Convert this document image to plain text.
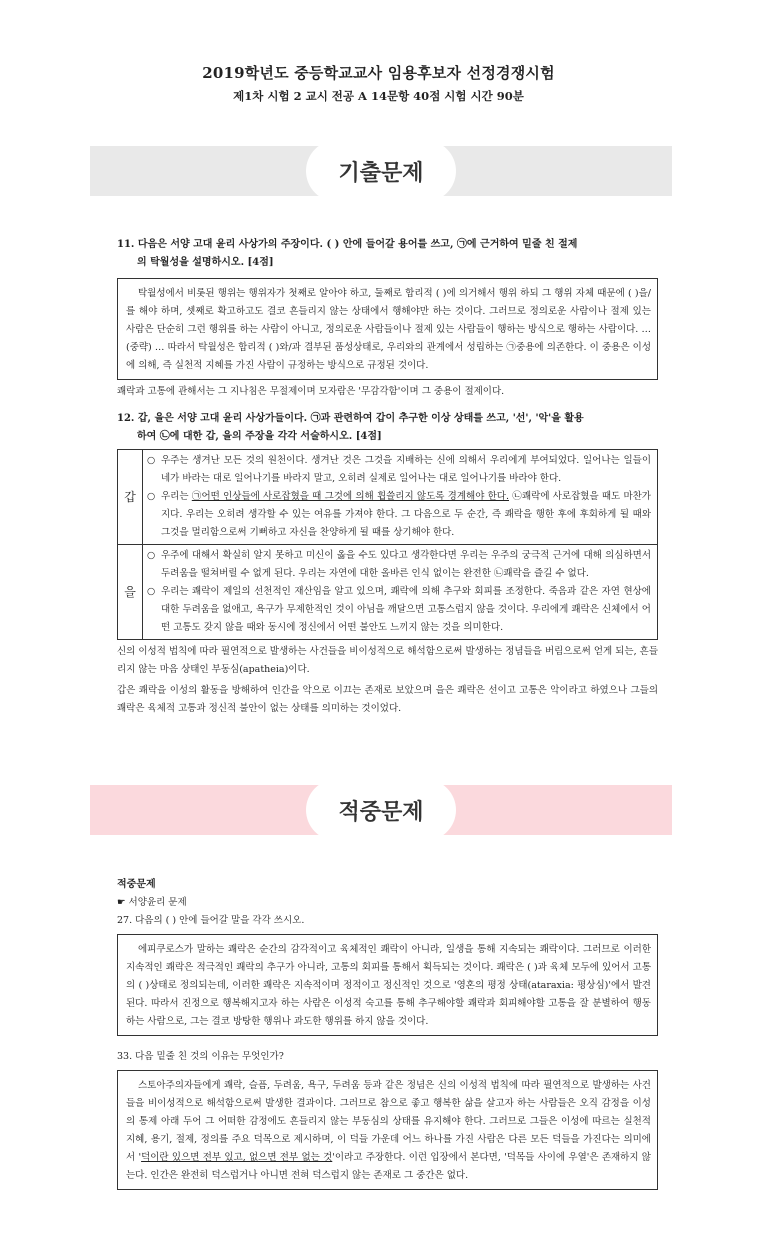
2019학년도 중등학교교사 임용후보자 선정경쟁시험
제1차 시험 2 교시 전공 A 14문항 40점 시험 시간 90분
기출문제
11. 다음은 서양 고대 윤리 사상가의 주장이다. ( ) 안에 들어갈 용어를 쓰고, ㉠에 근거하여 밑줄 친 절제
의 탁월성을 설명하시오. [4점]

탁월성에서 비롯된 행위는 행위자가 첫째로 알아야 하고, 둘째로 합리적 ( )에 의거해서 행위 하되 그 행위 자체 때문에 ( )을/를 해야 하며, 셋째로 확고하고도 결코 흔들리지 않는 상태에서 행해야만 하는 것이다. 그러므로 정의로운 사람이나 절제 있는 사람은 단순히 그런 행위를 하는 사람이 아니고, 정의로운 사람들이나 절제 있는 사람들이 행하는 방식으로 행하는 사람이다. … (중략) … 따라서 탁월성은 합리적 ( )와/과 결부된 품성상태로, 우리와의 관계에서 성립하는 ㉠중용에 의존한다. 이 중용은 이성에 의해, 즉 실천적 지혜를 가진 사람이 규정하는 방식으로 규정된 것이다.

쾌락과 고통에 관해서는 그 지나침은 무절제이며 모자람은 '무감각함'이며 그 중용이 절제이다.

12. 갑, 을은 서양 고대 윤리 사상가들이다. ㉠과 관련하여 갑이 추구한 이상 상태를 쓰고, '선', '악'을 활용
하여 ㉡에 대한 갑, 을의 주장을 각각 서술하시오. [4점]
갑	○ 우주는 생겨난 모든 것의 원천이다. 생겨난 것은 그것을 지배하는 신에 의해서 우리에게 부여되었다. 일어나는 일들이 네가 바라는 대로 일어나기를 바라지 말고, 오히려 실제로 일어나는 대로 일어나기를 바라야 한다.
○ 우리는 ㉠어떤 인상들에 사로잡혔을 때 그것에 의해 휩쓸리지 않도록 경계해야 한다. ㉡쾌락에 사로잡혔을 때도 마찬가지다. 우리는 오히려 생각할 수 있는 여유를 가져야 한다. 그 다음으로 두 순간, 즉 쾌락을 행한 후에 후회하게 될 때와 그것을 멀리함으로써 기뻐하고 자신을 찬양하게 될 때를 상기해야 한다.

을	○ 우주에 대해서 확실히 알지 못하고 미신이 옳을 수도 있다고 생각한다면 우리는 우주의 궁극적 근거에 대해 의심하면서 두려움을 떨쳐버릴 수 없게 된다. 우리는 자연에 대한 올바른 인식 없이는 완전한 ㉡쾌락을 즐길 수 없다.
○ 우리는 쾌락이 제일의 선천적인 재산임을 알고 있으며, 쾌락에 의해 추구와 회피를 조정한다. 죽음과 같은 자연 현상에 대한 두려움을 없애고, 욕구가 무제한적인 것이 아님을 깨달으면 고통스럽지 않을 것이다. 우리에게 쾌락은 신체에서 어떤 고통도 갖지 않을 때와 동시에 정신에서 어떤 불안도 느끼지 않는 것을 의미한다.

신의 이성적 법칙에 따라 필연적으로 발생하는 사건들을 비이성적으로 해석함으로써 발생하는 정념들을 버림으로써 얻게 되는, 흔들리지 않는 마음 상태인 부동심(apatheia)이다.

갑은 쾌락을 이성의 활동을 방해하여 인간을 악으로 이끄는 존재로 보았으며 을은 쾌락은 선이고 고통은 악이라고 하였으나 그들의 쾌락은 육체적 고통과 정신적 불안이 없는 상태를 의미하는 것이었다.

적중문제
적중문제
☛ 서양윤리 문제
27. 다음의 ( ) 안에 들어갈 말을 각각 쓰시오.

에피쿠로스가 말하는 쾌락은 순간의 감각적이고 육체적인 쾌락이 아니라, 일생을 통해 지속되는 쾌락이다. 그러므로 이러한 지속적인 쾌락은 적극적인 쾌락의 추구가 아니라, 고통의 회피를 통해서 획득되는 것이다. 쾌락은 ( )과 육체 모두에 있어서 고통의 ( )상태로 정의되는데, 이러한 쾌락은 지속적이며 정적이고 정신적인 것으로 '영혼의 평정 상태(ataraxia: 평상심)'에서 발견된다. 따라서 진정으로 행복해지고자 하는 사람은 이성적 숙고를 통해 추구해야할 쾌락과 회피해야할 고통을 잘 분별하여 행동하는 사람으로, 그는 결코 방탕한 행위나 과도한 행위를 하지 않을 것이다.

33. 다음 밑줄 친 것의 이유는 무엇인가?

스토아주의자들에게 쾌락, 슬픔, 두려움, 욕구, 두려움 등과 같은 정념은 신의 이성적 법칙에 따라 필연적으로 발생하는 사건들을 비이성적으로 해석함으로써 발생한 결과이다. 그러므로 참으로 좋고 행복한 삶을 살고자 하는 사람들은 오직 감정을 이성의 통제 아래 두어 그 어떠한 감정에도 흔들리지 않는 부동심의 상태를 유지해야 한다. 그러므로 그들은 이성에 따르는 실천적 지혜, 용기, 절제, 정의를 주요 덕목으로 제시하며, 이 덕들 가운데 어느 하나를 가진 사람은 다른 모든 덕들을 가진다는 의미에서 '덕이란 있으면 전부 있고, 없으면 전부 없는 것'이라고 주장한다. 이런 입장에서 본다면, '덕목들 사이에 우열'은 존재하지 않는다. 인간은 완전히 덕스럽거나 아니면 전혀 덕스럽지 않는 존재로 그 중간은 없다.
